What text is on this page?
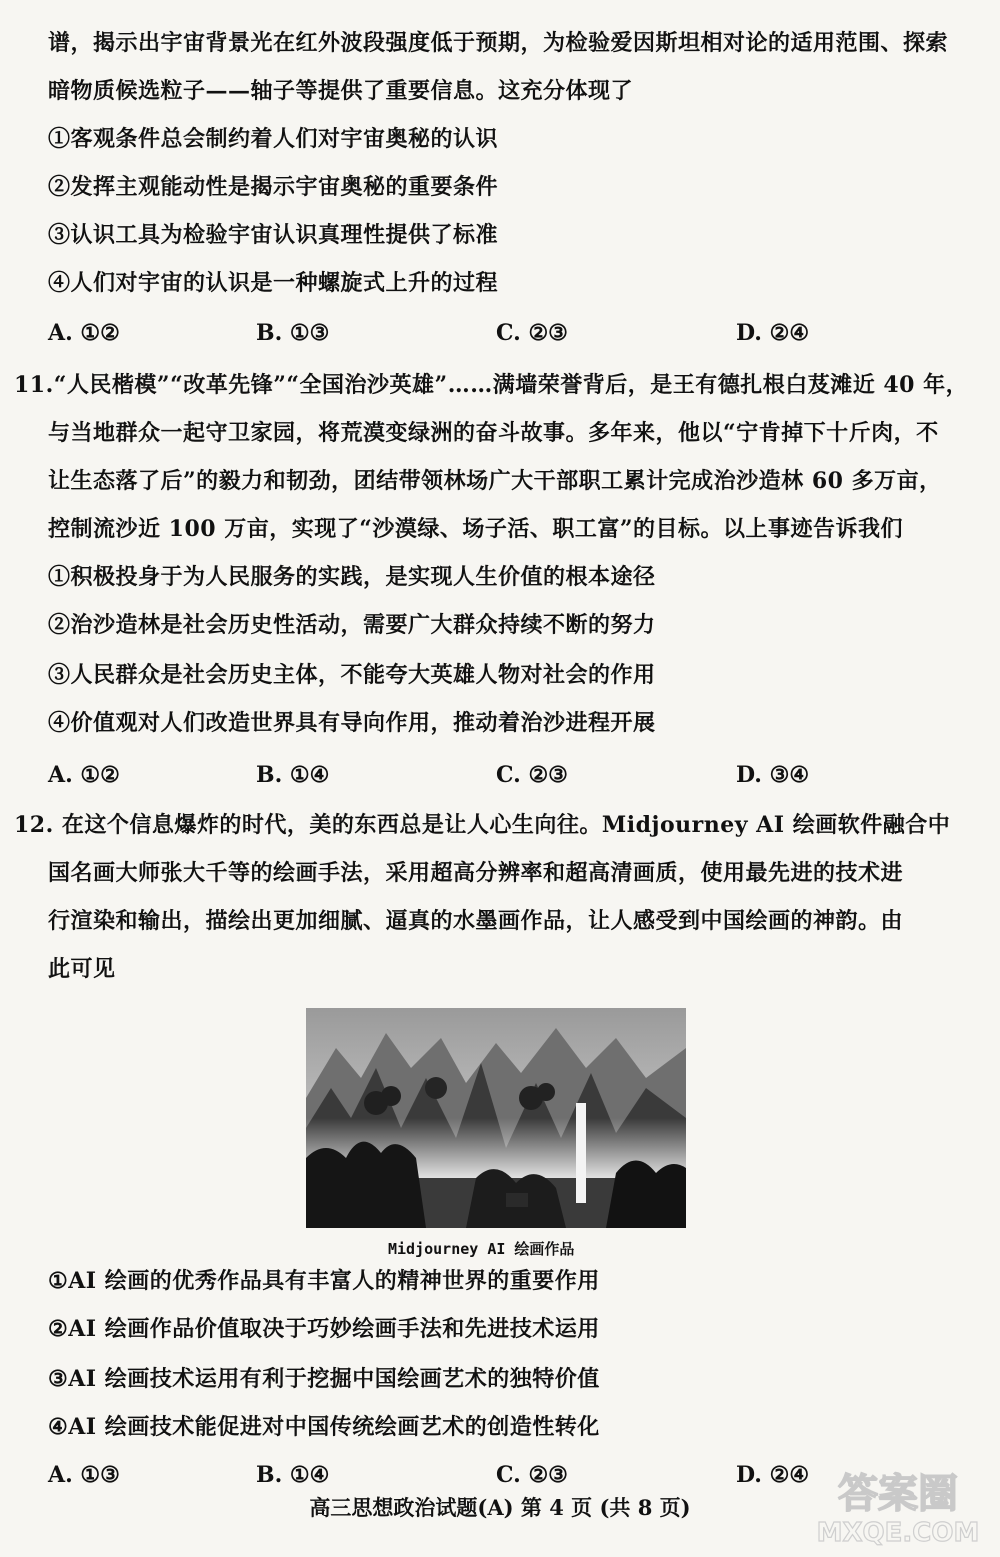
谱，揭示出宇宙背景光在红外波段强度低于预期，为检验爱因斯坦相对论的适用范围、探索
暗物质候选粒子——轴子等提供了重要信息。这充分体现了
①客观条件总会制约着人们对宇宙奥秘的认识
②发挥主观能动性是揭示宇宙奥秘的重要条件
③认识工具为检验宇宙认识真理性提供了标准
④人们对宇宙的认识是一种螺旋式上升的过程
A. ①②	B. ①③	C. ②③	D. ②④
11.“人民楷模”“改革先锋”“全国治沙英雄”……满墙荣誉背后，是王有德扎根白芨滩近 40 年，
与当地群众一起守卫家园，将荒漠变绿洲的奋斗故事。多年来，他以“宁肯掉下十斤肉，不
让生态落了后”的毅力和韧劲，团结带领林场广大干部职工累计完成治沙造林 60 多万亩，
控制流沙近 100 万亩，实现了“沙漠绿、场子活、职工富”的目标。以上事迹告诉我们
①积极投身于为人民服务的实践，是实现人生价值的根本途径
②治沙造林是社会历史性活动，需要广大群众持续不断的努力
③人民群众是社会历史主体，不能夸大英雄人物对社会的作用
④价值观对人们改造世界具有导向作用，推动着治沙进程开展
A. ①②	B. ①④	C. ②③	D. ③④
12. 在这个信息爆炸的时代，美的东西总是让人心生向往。Midjourney AI 绘画软件融合中
国名画大师张大千等的绘画手法，采用超高分辨率和超高清画质，使用最先进的技术进
行渲染和输出，描绘出更加细腻、逼真的水墨画作品，让人感受到中国绘画的神韵。由
此可见
Midjourney AI 绘画作品
①AI 绘画的优秀作品具有丰富人的精神世界的重要作用
②AI 绘画作品价值取决于巧妙绘画手法和先进技术运用
③AI 绘画技术运用有利于挖掘中国绘画艺术的独特价值
④AI 绘画技术能促进对中国传统绘画艺术的创造性转化
A. ①③	B. ①④	C. ②③	D. ②④
高三思想政治试题(A) 第 4 页 (共 8 页)	答案圈
MXQE.COM
